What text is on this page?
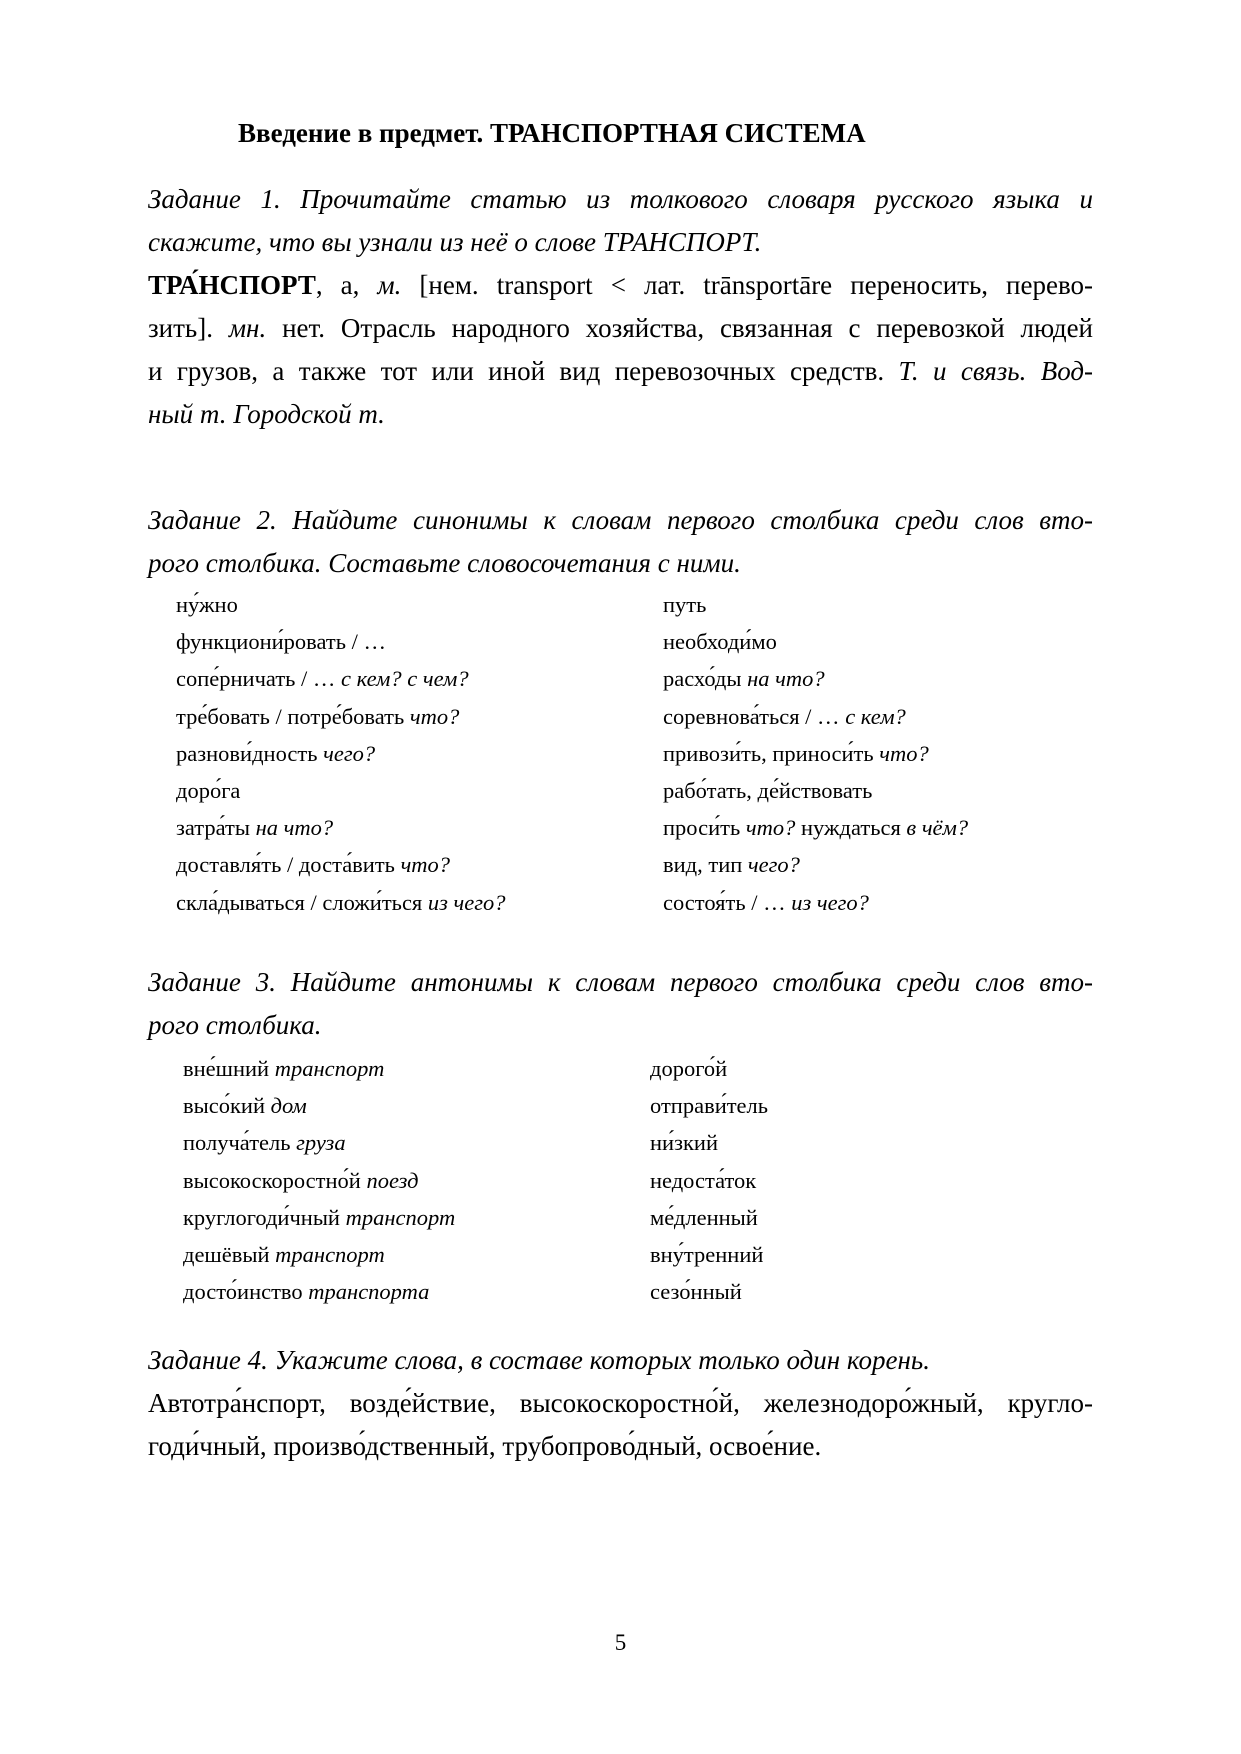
Введение в предмет. ТРАНСПОРТНАЯ СИСТЕМА
Задание 1. Прочитайте статью из толкового словаря русского языка и
скажите, что вы узнали из неё о слове ТРАНСПОРТ.
ТРА́НСПОРТ, а, м. [нем. transport < лат. trānsportāre переносить, перево-
зить]. мн. нет. Отрасль народного хозяйства, связанная с перевозкой людей
и грузов, а также тот или иной вид перевозочных средств. Т. и связь. Вод-
ный т. Городской т.
Задание 2. Найдите синонимы к словам первого столбика среди слов вто-
рого столбика. Составьте словосочетания с ними.
ну́жно	путь
функциони́ровать / …	необходи́мо
сопе́рничать / … с кем? с чем?	расхо́ды на что?
тре́бовать / потре́бовать что?	соревнова́ться / … с кем?
разнови́дность чего?	привози́ть, приноси́ть что?
доро́га	рабо́тать, де́йствовать
затра́ты на что?	проси́ть что? нуждаться в чём?
доставля́ть / доста́вить что?	вид, тип чего?
скла́дываться / сложи́ться из чего?	состоя́ть / … из чего?
Задание 3. Найдите антонимы к словам первого столбика среди слов вто-
рого столбика.
вне́шний транспорт	дорого́й
высо́кий дом	отправи́тель
получа́тель груза	ни́зкий
высокоскоростно́й поезд	недоста́ток
круглогоди́чный транспорт	ме́дленный
дешёвый транспорт	вну́тренний
досто́инство транспорта	сезо́нный
Задание 4. Укажите слова, в составе которых только один корень.
Автотра́нспорт, возде́йствие, высокоскоростно́й, железнодоро́жный, кругло-
годи́чный, произво́дственный, трубопрово́дный, освое́ние.
5
